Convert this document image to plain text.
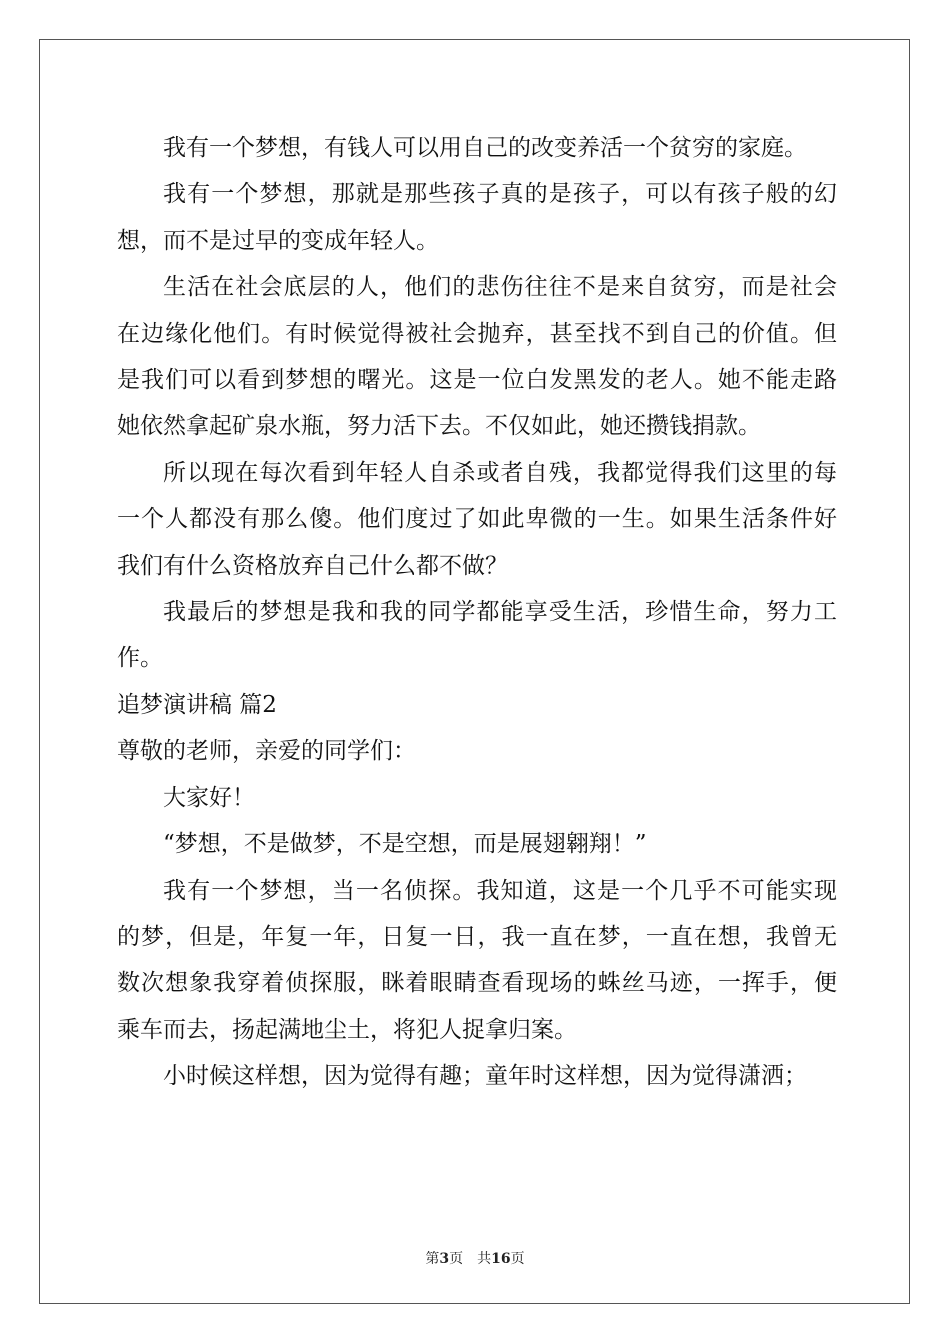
我有一个梦想，有钱人可以用自己的改变养活一个贫穷的家庭。

我有一个梦想，那就是那些孩子真的是孩子，可以有孩子般的幻

想，而不是过早的变成年轻人。

生活在社会底层的人，他们的悲伤往往不是来自贫穷，而是社会

在边缘化他们。有时候觉得被社会抛弃，甚至找不到自己的价值。但

是我们可以看到梦想的曙光。这是一位白发黑发的老人。她不能走路

她依然拿起矿泉水瓶，努力活下去。不仅如此，她还攒钱捐款。

所以现在每次看到年轻人自杀或者自残，我都觉得我们这里的每

一个人都没有那么傻。他们度过了如此卑微的一生。如果生活条件好

我们有什么资格放弃自己什么都不做？

我最后的梦想是我和我的同学都能享受生活，珍惜生命，努力工

作。

追梦演讲稿 篇2

尊敬的老师，亲爱的同学们：

大家好！

“梦想，不是做梦，不是空想，而是展翅翱翔！”

我有一个梦想，当一名侦探。我知道，这是一个几乎不可能实现

的梦，但是，年复一年，日复一日，我一直在梦，一直在想，我曾无

数次想象我穿着侦探服，眯着眼睛查看现场的蛛丝马迹，一挥手，便

乘车而去，扬起满地尘土，将犯人捉拿归案。

小时候这样想，因为觉得有趣；童年时这样想，因为觉得潇洒；

第3页　共16页
